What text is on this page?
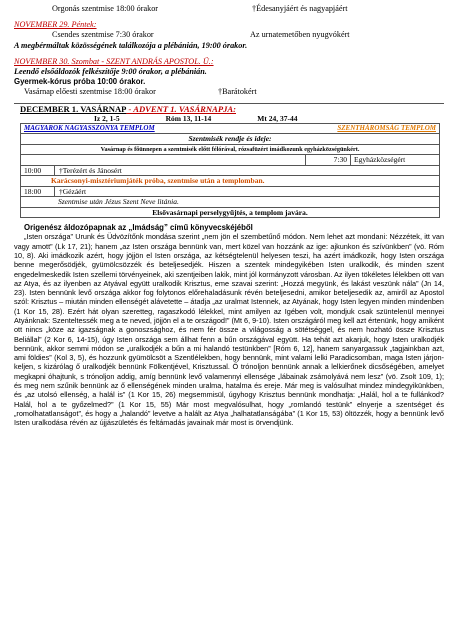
Orgonás szentmise 18:00 órakor	†Édesanyjáért és nagyapjáért
NOVEMBER 29. Péntek:
Csendes szentmise 7:30 órakor	Az urnatemetőben nyugvókért
A megbérmáltak közösségének találkozója a plébánián, 19:00 órakor.
NOVEMBER 30. Szombat - SZENT ANDRÁS APOSTOL. Ü.:
Leendő elsőáldozók felkészítője 9:00 órakor, a plébánián.
Gyermek-kórus próba 10:00 órakor.
Vasárnap előesti szentmise 18:00 órakor	†Barátokért
DECEMBER 1. VASÁRNAP - ADVENT 1. VASÁRNAPJA:
Iz 2, 1-5	Róm 13, 11-14	Mt 24, 37-44
MAGYAROK NAGYASSZONYA TEMPLOM	SZENTHÁROMSÁG TEMPLOM	
Szentmisék rendje és ideje:		
Vasárnap és főünnepen a szentmisék előtt félórával, rózsafüzért imádkozunk egyházközségünkért.		
	7:30	Egyházközségért
10:00 †Terézért és Jánosért		
Karácsonyi-misztériumjáték próba, szentmise után a templomban.		
18:00 †Gézáért		
Szentmise után Jézus Szent Neve litánia.		
Elsővasárnapi perselygyűjtés, a templom javára.		
Origenész áldozópapnak az „Imádság” című könyvecskéjéből

„Isten országa” Urunk és Üdvözítőnk mondása szerint „nem jön el szembetűnő módon. Nem lehet azt mondani: Nézzétek, itt van vagy amott” (Lk 17, 21); hanem „az Isten országa bennünk van, mert közel van hozzánk az ige: ajkunkon és szívünkben” (vö. Róm 10, 8). Aki imádkozik azért, hogy jöjjön el Isten országa, az kétségtelenül helyesen teszi, ha azért imádkozik, hogy Isten országa benne megerősödjék, gyümölcsözzék és beteljesedjék. Hiszen a szentek mindegyikében Isten uralkodik, és minden szent engedelmeskedik Isten szellemi törvényeinek, aki szentjeiben lakik, mint jól kormányzott városban. Az ilyen tökéletes lélekben ott van az Atya, és az ilyenben az Atyával együtt uralkodik Krisztus, eme szavai szerint: „Hozzá megyünk, és lakást veszünk nála” (Jn 14, 23). Isten bennünk levő országa akkor fog folytonos előrehaladásunk révén beteljesedni, amikor beteljesedik az, amiről az Apostol szól: Krisztus – miután minden ellenségét alávetette – átadja „az uralmat Istennek, az Atyának, hogy Isten legyen minden mindenben (1 Kor 15, 28). Ezért hát olyan szeretteg, ragaszkodó lélekkel, mint amilyen az Igében volt, mondjuk csak szüntelenül mennyei Atyánknak: Szenteltessék meg a te neved, jöjjön el a te országod!” (Mt 6, 9-10). Isten országáról meg kell azt értenünk, hogy amiként ott nincs „köze az igazságnak a gonoszsághoz, és nem fér össze a világosság a sötétséggel, és nem hozható össze Krisztus Beliállal” (2 Kor 6, 14-15), úgy Isten országa sem állhat fenn a bűn országával együtt. Ha tehát azt akarjuk, hogy Isten uralkodjék bennünk, akkor semmi módon se „uralkodjék a bűn a mi halandó testünkben” [Róm 6, 12], hanem sanyargassuk „tagjainkban azt, ami földies” (Kol 3, 5), és hozzunk gyümölcsöt a Szentlélekben, hogy bennünk, mint valami lelki Paradicsomban, maga Isten járjon-keljen, s kizárólag ő uralkodjék bennünk Fölkentjével, Krisztussal. Ő trónoljon bennünk annak a lelkierőnek dicsőségében, amelyet megkapni óhajtunk, s trónoljon addig, amíg bennünk levő valamennyi ellensége „lábainak zsámolyává nem lesz” (vö. Zsolt 109, 1); és meg nem szűnik bennünk az ő ellenségének minden uralma, hatalma és ereje. Már meg is valósulhat mindez mindegyikünkben, és „az utolsó ellenség, a halál is” (1 Kor 15, 26) megsemmisül, úgyhogy Krisztus bennünk mondhatja: „Halál, hol a te fullánkod? Halál, hol a te győzelmed?” (1 Kor 15, 55) Már most megvalósulhat, hogy „romlandó testünk” elnyerje a szentséget és „romolhatatlanságot”, és hogy a „halandó” levetve a halált az Atya „halhatatlanságába” (1 Kor 15, 53) öltözzék, hogy a bennünk levő Isten uralkodása révén az újjászületés és feltámadás javainak már most is örvendjünk.
